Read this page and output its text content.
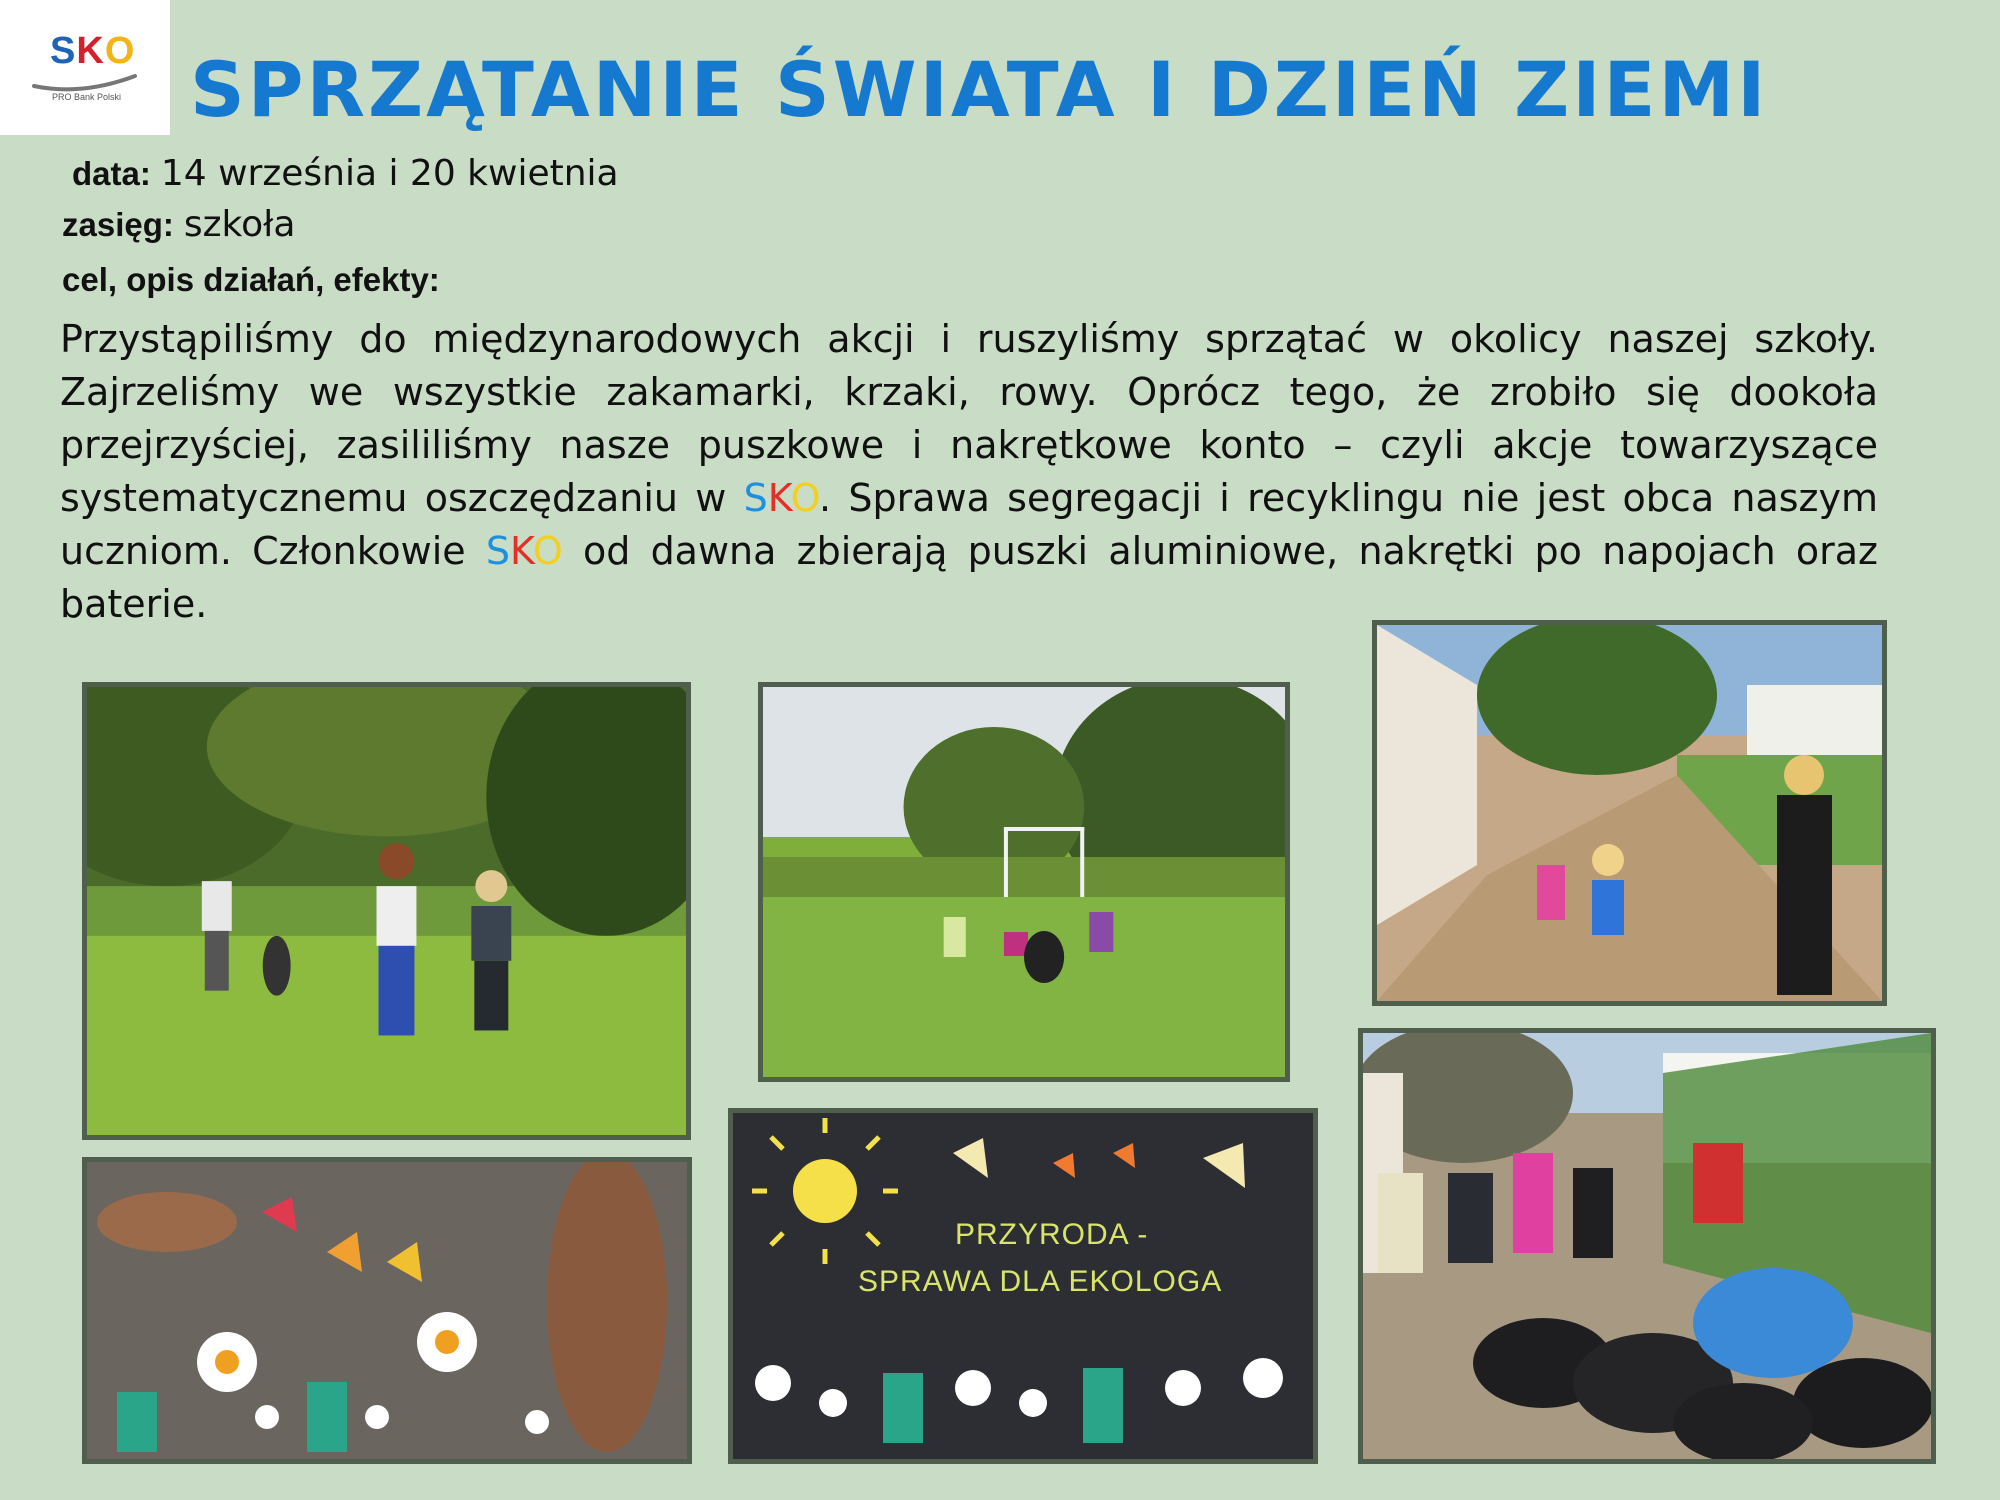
SKO
PRO Bank Polski SPRZĄTANIE ŚWIATA I DZIEŃ ZIEMI
data: 14 września i 20 kwietnia
zasięg: szkoła
cel, opis działań, efekty:
Przystąpiliśmy do międzynarodowych akcji i ruszyliśmy sprzątać w okolicy naszej szkoły. Zajrzeliśmy we wszystkie zakamarki, krzaki, rowy. Oprócz tego, że zrobiło się dookoła przejrzyściej, zasililiśmy nasze puszkowe i nakrętkowe konto – czyli akcje towarzyszące systematycznemu oszczędzaniu w SKO. Sprawa segregacji i recyklingu nie jest obca naszym uczniom. Członkowie SKO od dawna zbierają puszki aluminiowe, nakrętki po napojach oraz baterie.
PRZYRODA -
SPRAWA DLA EKOLOGA
